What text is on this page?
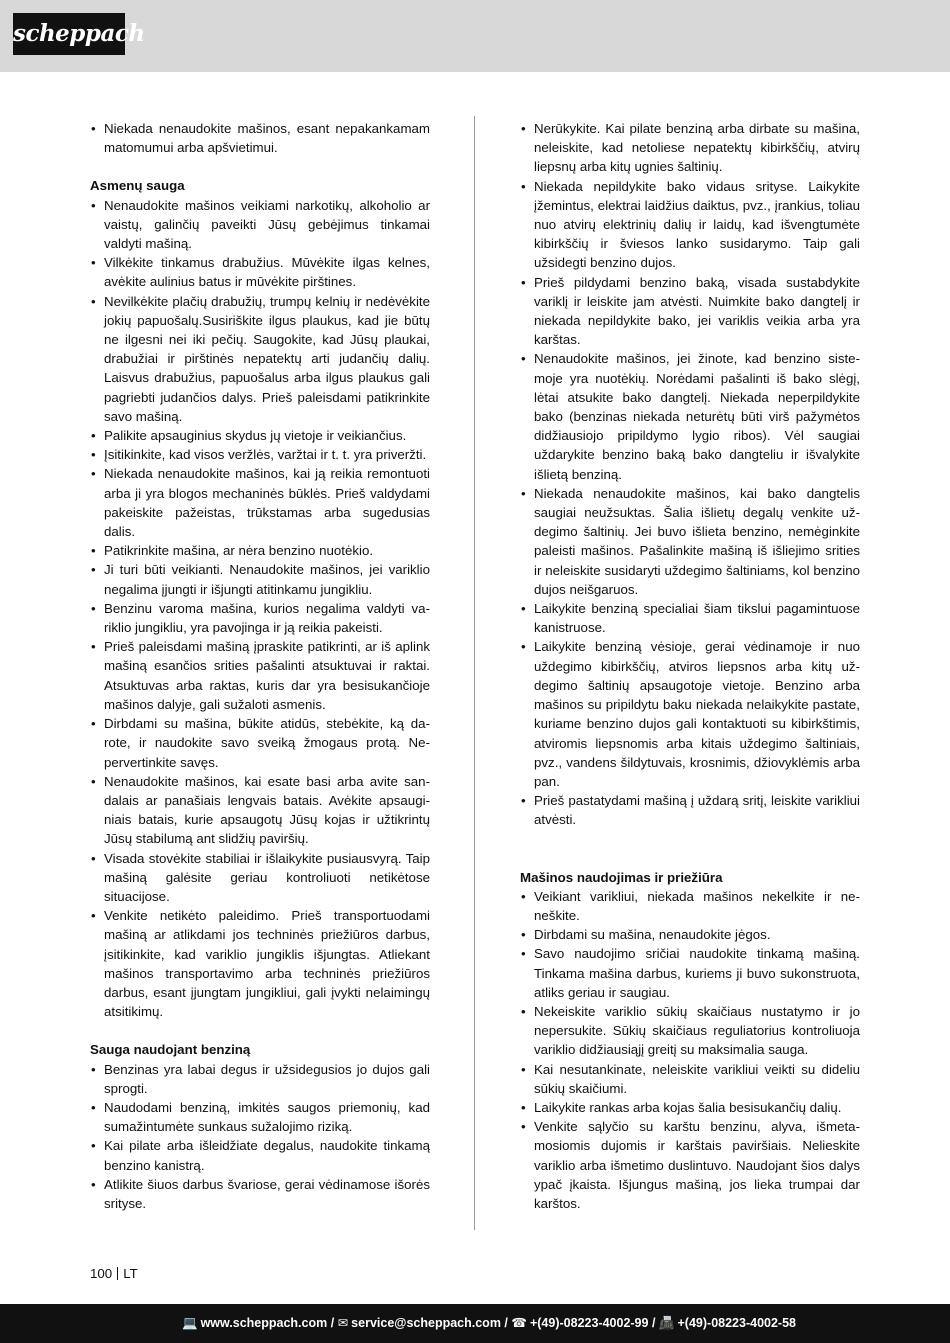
scheppach
• Niekada nenaudokite mašinos, esant nepakankamam matomumui arba apšvietimui.
Asmenų sauga
• Nenaudokite mašinos veikiami narkotikų, alkoholio ar vaistų, galinčių paveikti Jūsų gebėjimus tinkamai valdyti mašiną.
• Vilkėkite tinkamus drabužius. Mūvėkite ilgas kelnes, avėkite aulinius batus ir mūvėkite pirštines.
• Nevilkėkite plačių drabužių, trumpų kelnių ir nedėvėkite jokių papuošalų.Susiriškite ilgus plaukus, kad jie būtų ne ilgesni nei iki pečių. Saugokite, kad Jūsų plaukai, drabužiai ir pirštinės nepatektų arti judančių dalių. Laisvus drabužius, papuošalus arba ilgus plaukus gali pagriebti judančios dalys. Prieš paleisdami patikrinkite savo mašiną.
• Palikite apsauginius skydus jų vietoje ir veikiančius.
• Įsitikinkite, kad visos veržlės, varžtai ir t. t. yra priveržti.
• Niekada nenaudokite mašinos, kai ją reikia remontuoti arba ji yra blogos mechaninės būklės. Prieš valdydami pakeiskite pažeistas, trūkstamas arba sugedusias dalis.
• Patikrinkite mašina, ar nėra benzino nuotėkio.
• Ji turi būti veikianti. Nenaudokite mašinos, jei variklio negalima įjungti ir išjungti atitinkamu jungikliu.
• Benzinu varoma mašina, kurios negalima valdyti variklio jungikliu, yra pavojinga ir ją reikia pakeisti.
• Prieš paleisdami mašiną įpraskite patikrinti, ar iš aplink mašiną esančios srities pašalinti atsuktuvai ir raktai. Atsuktuvas arba raktas, kuris dar yra besisukančioje mašinos dalyje, gali sužaloti asmenis.
• Dirbdami su mašina, būkite atidūs, stebėkite, ką darote, ir naudokite savo sveiką žmogaus protą. Nepervertinkite savęs.
• Nenaudokite mašinos, kai esate basi arba avite sandalais ar panašiais lengvais batais. Avėkite apsauginiais batais, kurie apsaugotų Jūsų kojas ir užtikrintų Jūsų stabilumą ant slidžių paviršių.
• Visada stovėkite stabiliai ir išlaikykite pusiausvyrą. Taip mašiną galėsite geriau kontroliuoti netikėtose situacijose.
• Venkite netikėto paleidimo. Prieš transportuodami mašiną ar atlikdami jos techninės priežiūros darbus, įsitikinkite, kad variklio jungiklis išjungtas. Atliekant mašinos transportavimo arba techninės priežiūros darbus, esant įjungtam jungikliui, gali įvykti nelaimingų atsitikimų.
Sauga naudojant benziną
• Benzinas yra labai degus ir užsidegusios jo dujos gali sprogti.
• Naudodami benziną, imkitės saugos priemonių, kad sumažintumėte sunkaus sužalojimo riziką.
• Kai pilate arba išleidžiate degalus, naudokite tinkamą benzino kanistrą.
• Atlikite šiuos darbus švariose, gerai vėdinamose išorės srityse.
• Nerūkykite. Kai pilate benziną arba dirbate su mašina, neleiskite, kad netoliese nepatektų kibirkščių, atvirų liepsnų arba kitų ugnies šaltinių.
• Niekada nepildykite bako vidaus srityse. Laikykite įžemintus, elektrai laidžius daiktus, pvz., įrankius, toliau nuo atvirų elektrinių dalių ir laidų, kad išvengtumėte kibirkščių ir šviesos lanko susidarymo. Taip gali užsidegti benzino dujos.
• Prieš pildydami benzino baką, visada sustabdykite variklį ir leiskite jam atvėsti. Nuimkite bako dangtelį ir niekada nepildykite bako, jei variklis veikia arba yra karštas.
• Nenaudokite mašinos, jei žinote, kad benzino sistemoje yra nuotėkių. Norėdami pašalinti iš bako slėgį, lėtai atsukite bako dangtelį. Niekada neperpildykite bako (benzinas niekada neturėtų būti virš pažymėtos didžiausiojo pripildymo lygio ribos). Vėl saugiai uždarykite benzino baką bako dangteliu ir išvalykite išlietą benziną.
• Niekada nenaudokite mašinos, kai bako dangtelis saugiai neužsuktas. Šalia išlietų degalų venkite uždegimo šaltinių. Jei buvo išlieta benzino, nemėginkite paleisti mašinos. Pašalinkite mašiną iš išliejimo srities ir neleiskite susidaryti uždegimo šaltiniams, kol benzino dujos neišgaruos.
• Laikykite benziną specialiai šiam tikslui pagamintuose kanistruose.
• Laikykite benziną vėsioje, gerai vėdinamoje ir nuo uždegimo kibirkščių, atviros liepsnos arba kitų uždegimo šaltinių apsaugotoje vietoje. Benzino arba mašinos su pripildytu baku niekada nelaikykite pastate, kuriame benzino dujos gali kontaktuoti su kibirkštimis, atviromis liepsnomis arba kitais uždegimo šaltiniais, pvz., vandens šildytuvais, krosnimis, džiovyklėmis arba pan.
• Prieš pastatydami mašiną į uždarą sritį, leiskite varikliui atvėsti.
Mašinos naudojimas ir priežiūra
• Veikiant varikliui, niekada mašinos nekelkite ir neneškite.
• Dirbdami su mašina, nenaudokite jėgos.
• Savo naudojimo sričiai naudokite tinkamą mašiną. Tinkama mašina darbus, kuriems ji buvo sukonstruota, atliks geriau ir saugiau.
• Nekeiskite variklio sūkių skaičiaus nustatymo ir jo nepersukite. Sūkių skaičiaus reguliatorius kontroliuoja variklio didžiausiąjį greitį su maksimalia sauga.
• Kai nesutankinate, neleiskite varikliui veikti su dideliu sūkių skaičiumi.
• Laikykite rankas arba kojas šalia besisukančių dalių.
• Venkite sąlyčio su karštu benzinu, alyva, išmetamosiomis dujomis ir karštais paviršiais. Nelieskite variklio arba išmetimo duslintuvo. Naudojant šios dalys ypač įkaista. Išjungus mašiną, jos lieka trumpai dar karštos.
100 LT
💻 www.scheppach.com / ✉ service@scheppach.com / ☎ +(49)-08223-4002-99 / 📠 +(49)-08223-4002-58
